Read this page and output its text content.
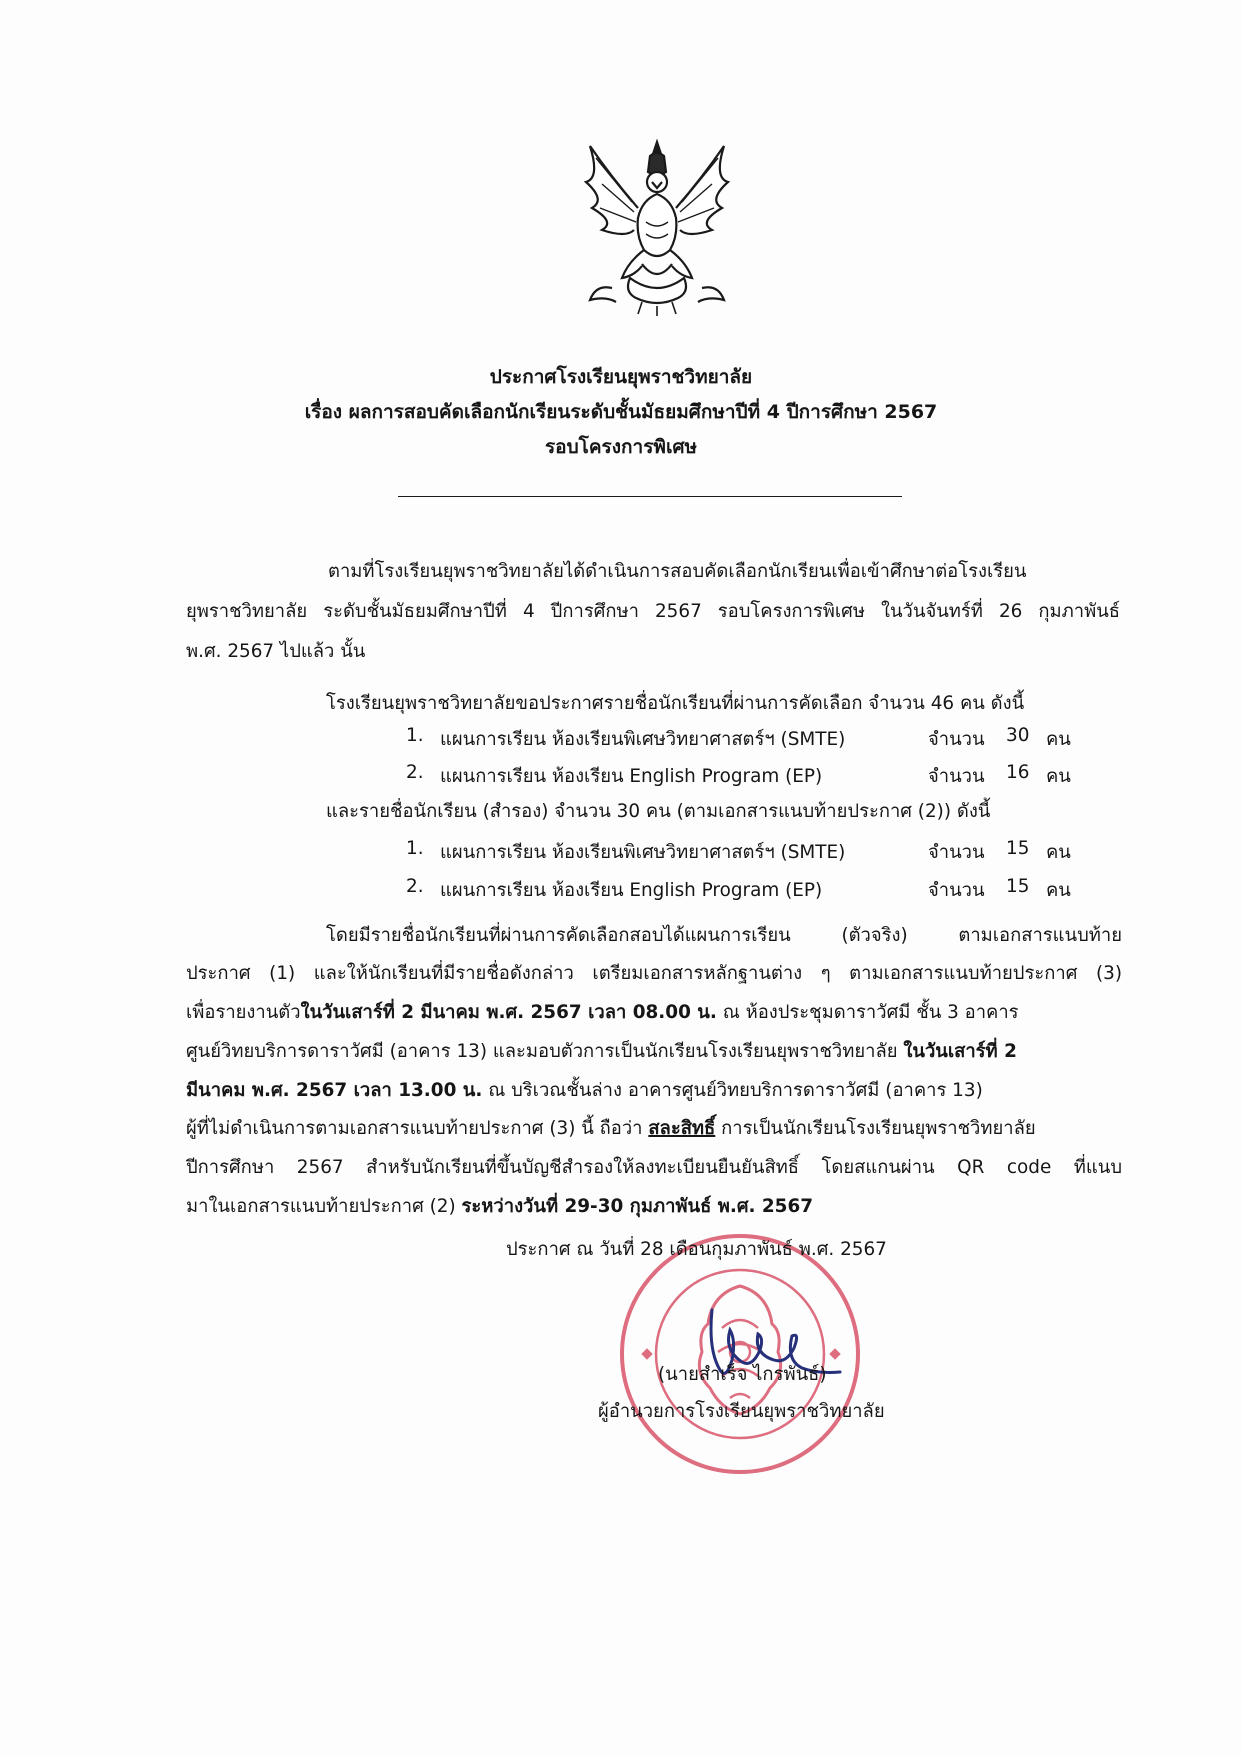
ประกาศโรงเรียนยุพราชวิทยาลัย
เรื่อง ผลการสอบคัดเลือกนักเรียนระดับชั้นมัธยมศึกษาปีที่ 4 ปีการศึกษา 2567
รอบโครงการพิเศษ
ตามที่โรงเรียนยุพราชวิทยาลัยได้ดำเนินการสอบคัดเลือกนักเรียนเพื่อเข้าศึกษาต่อโรงเรียน
ยุพราชวิทยาลัย ระดับชั้นมัธยมศึกษาปีที่ 4 ปีการศึกษา 2567 รอบโครงการพิเศษ ในวันจันทร์ที่ 26 กุมภาพันธ์
พ.ศ. 2567 ไปแล้ว นั้น
โรงเรียนยุพราชวิทยาลัยขอประกาศรายชื่อนักเรียนที่ผ่านการคัดเลือก จำนวน 46 คน ดังนี้
1. แผนการเรียน ห้องเรียนพิเศษวิทยาศาสตร์ฯ (SMTE)	จำนวน 30 คน
2. แผนการเรียน ห้องเรียน English Program (EP)	จำนวน 16 คน
และรายชื่อนักเรียน (สำรอง) จำนวน 30 คน (ตามเอกสารแนบท้ายประกาศ (2)) ดังนี้
1. แผนการเรียน ห้องเรียนพิเศษวิทยาศาสตร์ฯ (SMTE)	จำนวน 15 คน
2. แผนการเรียน ห้องเรียน English Program (EP)	จำนวน 15 คน
โดยมีรายชื่อนักเรียนที่ผ่านการคัดเลือกสอบได้แผนการเรียน (ตัวจริง) ตามเอกสารแนบท้าย
ประกาศ (1) และให้นักเรียนที่มีรายชื่อดังกล่าว เตรียมเอกสารหลักฐานต่าง ๆ ตามเอกสารแนบท้ายประกาศ (3)
เพื่อรายงานตัวในวันเสาร์ที่ 2 มีนาคม พ.ศ. 2567 เวลา 08.00 น. ณ ห้องประชุมดาราวัศมี ชั้น 3 อาคาร
ศูนย์วิทยบริการดาราวัศมี (อาคาร 13) และมอบตัวการเป็นนักเรียนโรงเรียนยุพราชวิทยาลัย ในวันเสาร์ที่ 2
มีนาคม พ.ศ. 2567 เวลา 13.00 น. ณ บริเวณชั้นล่าง อาคารศูนย์วิทยบริการดาราวัศมี (อาคาร 13)
ผู้ที่ไม่ดำเนินการตามเอกสารแนบท้ายประกาศ (3) นี้ ถือว่า สละสิทธิ์ การเป็นนักเรียนโรงเรียนยุพราชวิทยาลัย
ปีการศึกษา 2567 สำหรับนักเรียนที่ขึ้นบัญชีสำรองให้ลงทะเบียนยืนยันสิทธิ์ โดยสแกนผ่าน QR code ที่แนบ
มาในเอกสารแนบท้ายประกาศ (2) ระหว่างวันที่ 29-30 กุมภาพันธ์ พ.ศ. 2567
ประกาศ ณ วันที่ 28 เดือนกุมภาพันธ์ พ.ศ. 2567
(นายสำเร็จ ไกรพันธ์)
ผู้อำนวยการโรงเรียนยุพราชวิทยาลัย
